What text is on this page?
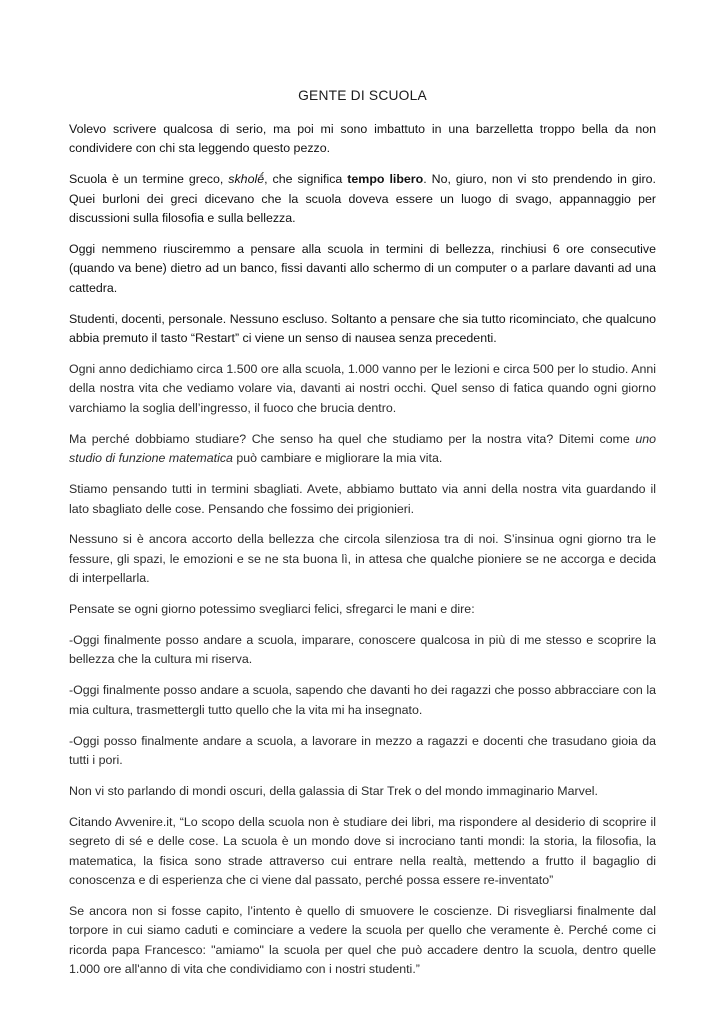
GENTE DI SCUOLA

Volevo scrivere qualcosa di serio, ma poi mi sono imbattuto in una barzelletta troppo bella da non condividere con chi sta leggendo questo pezzo.

Scuola è un termine greco, skholḗ, che significa tempo libero. No, giuro, non vi sto prendendo in giro. Quei burloni dei greci dicevano che la scuola doveva essere un luogo di svago, appannaggio per discussioni sulla filosofia e sulla bellezza.

Oggi nemmeno riusciremmo a pensare alla scuola in termini di bellezza, rinchiusi 6 ore consecutive (quando va bene) dietro ad un banco, fissi davanti allo schermo di un computer o a parlare davanti ad una cattedra.

Studenti, docenti, personale. Nessuno escluso. Soltanto a pensare che sia tutto ricominciato, che qualcuno abbia premuto il tasto “Restart” ci viene un senso di nausea senza precedenti.

Ogni anno dedichiamo circa 1.500 ore alla scuola, 1.000 vanno per le lezioni e circa 500 per lo studio. Anni della nostra vita che vediamo volare via, davanti ai nostri occhi. Quel senso di fatica quando ogni giorno varchiamo la soglia dell’ingresso, il fuoco che brucia dentro.

Ma perché dobbiamo studiare? Che senso ha quel che studiamo per la nostra vita? Ditemi come uno studio di funzione matematica può cambiare e migliorare la mia vita.

Stiamo pensando tutti in termini sbagliati. Avete, abbiamo buttato via anni della nostra vita guardando il lato sbagliato delle cose. Pensando che fossimo dei prigionieri.

Nessuno si è ancora accorto della bellezza che circola silenziosa tra di noi. S’insinua ogni giorno tra le fessure, gli spazi, le emozioni e se ne sta buona lì, in attesa che qualche pioniere se ne accorga e decida di interpellarla.

Pensate se ogni giorno potessimo svegliarci felici, sfregarci le mani e dire:

-Oggi finalmente posso andare a scuola, imparare, conoscere qualcosa in più di me stesso e scoprire la bellezza che la cultura mi riserva.

-Oggi finalmente posso andare a scuola, sapendo che davanti ho dei ragazzi che posso abbracciare con la mia cultura, trasmettergli tutto quello che la vita mi ha insegnato.

-Oggi posso finalmente andare a scuola, a lavorare in mezzo a ragazzi e docenti che trasudano gioia da tutti i pori.

Non vi sto parlando di mondi oscuri, della galassia di Star Trek o del mondo immaginario Marvel.

Citando Avvenire.it, “Lo scopo della scuola non è studiare dei libri, ma rispondere al desiderio di scoprire il segreto di sé e delle cose. La scuola è un mondo dove si incrociano tanti mondi: la storia, la filosofia, la matematica, la fisica sono strade attraverso cui entrare nella realtà, mettendo a frutto il bagaglio di conoscenza e di esperienza che ci viene dal passato, perché possa essere re-inventato”

Se ancora non si fosse capito, l’intento è quello di smuovere le coscienze. Di risvegliarsi finalmente dal torpore in cui siamo caduti e cominciare a vedere la scuola per quello che veramente è. Perché come ci ricorda papa Francesco: "amiamo" la scuola per quel che può accadere dentro la scuola, dentro quelle 1.000 ore all'anno di vita che condividiamo con i nostri studenti.”
